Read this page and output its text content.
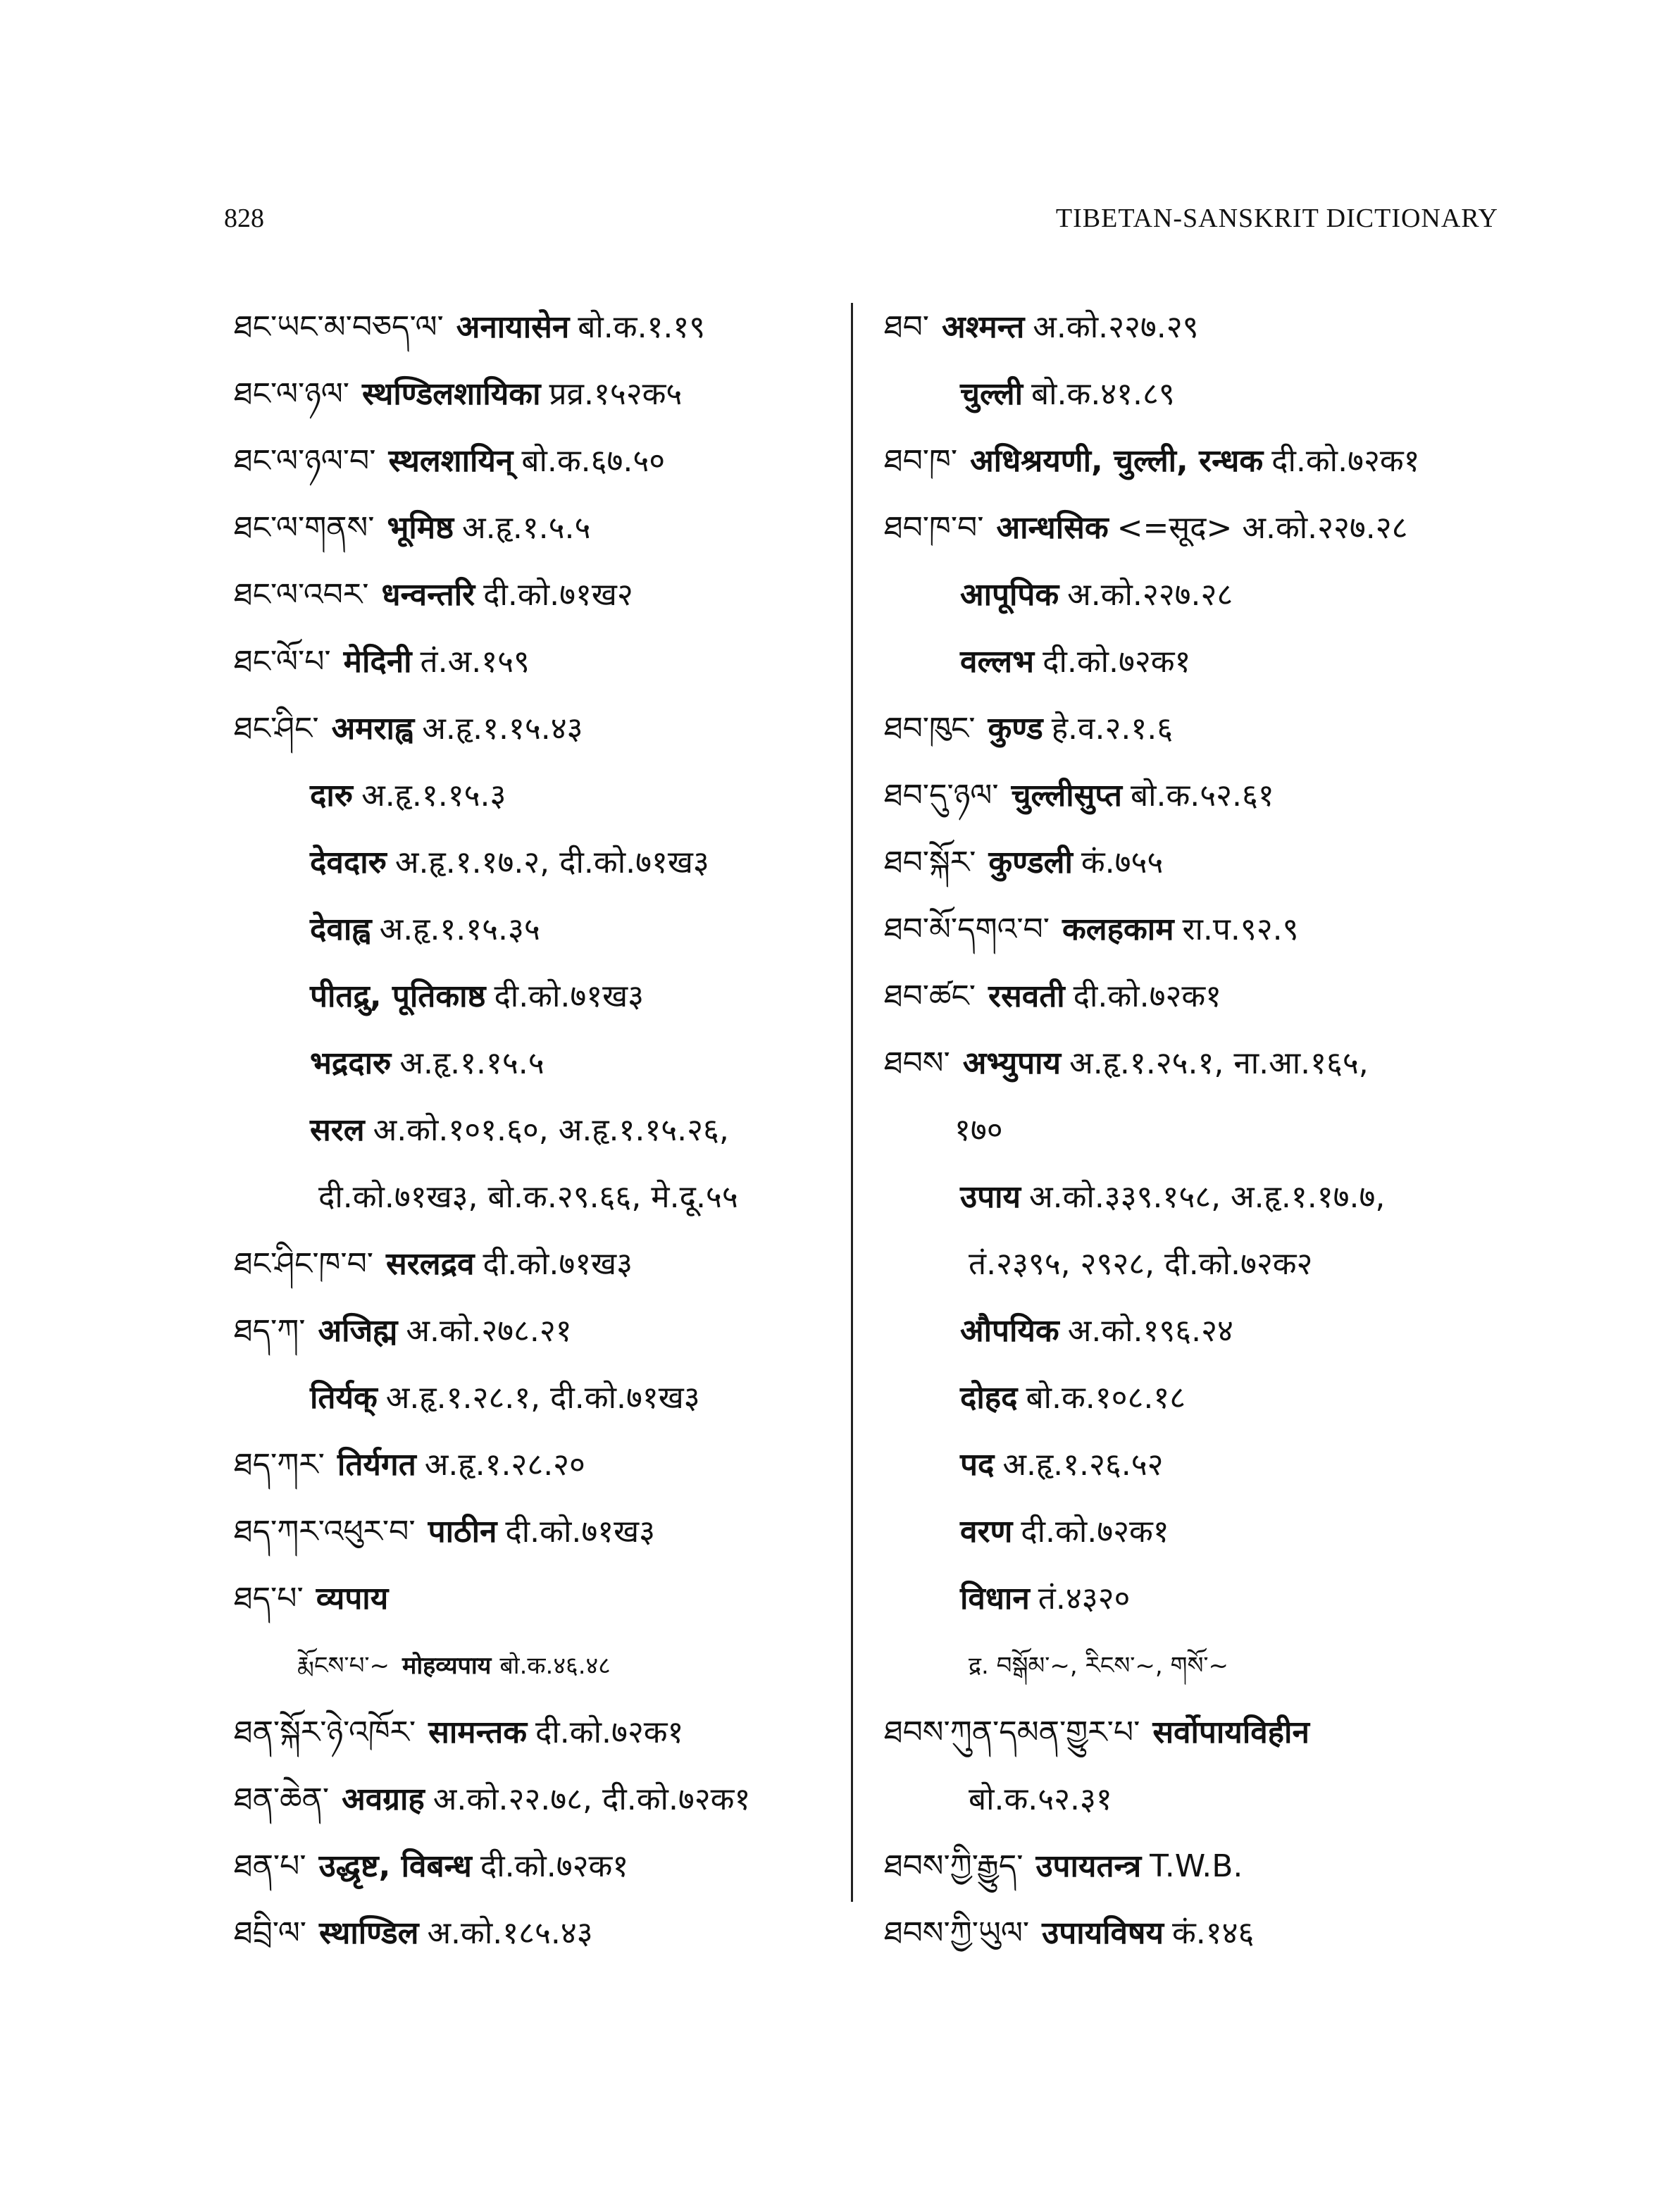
828	TIBETAN-SANSKRIT DICTIONARY
ཐང་ཡང་མ་བཅད་ལ་ अनायासेन बो.क.१.१९
ཐང་ལ་ཉལ་ स्थण्डिलशायिका प्रव्र.१५२क५
ཐང་ལ་ཉལ་བ་ स्थलशायिन् बो.क.६७.५०
ཐང་ལ་གནས་ भूमिष्ठ अ.हृ.१.५.५
ཐང་ལ་འབར་ धन्वन्तरि दी.को.७१ख२
ཐང་ལོ་པ་ मेदिनी तं.अ.१५९
ཐང་ཤིང་ अमराह्व अ.हृ.१.१५.४३
दारु अ.हृ.१.१५.३
देवदारु अ.हृ.१.१७.२, दी.को.७१ख३
देवाह्व अ.हृ.१.१५.३५
पीतद्रु, पूतिकाष्ठ दी.को.७१ख३
भद्रदारु अ.हृ.१.१५.५
सरल अ.को.१०१.६०, अ.हृ.१.१५.२६,
दी.को.७१ख३, बो.क.२९.६६, मे.दू.५५
ཐང་ཤིང་ཁ་བ་ सरलद्रव दी.को.७१ख३
ཐད་ཀ་ अजिह्म अ.को.२७८.२१
तिर्यक् अ.हृ.१.२८.१, दी.को.७१ख३
ཐད་ཀར་ तिर्यगत अ.हृ.१.२८.२०
ཐད་ཀར་འཕུར་བ་ पाठीन दी.को.७१ख३
ཐད་པ་ व्यपाय
རྨོངས་པ་~ मोहव्यपाय बो.क.४६.४८
ཐན་སྐོར་ཉེ་འཁོར་ सामन्तक दी.को.७२क१
ཐན་ཆེན་ अवग्राह अ.को.२२.७८, दी.को.७२क१
ཐན་པ་ उद्धृष्ट, विबन्ध दी.को.७२क१
ཐབྲི་ལ་ स्थाण्डिल अ.को.१८५.४३
ཐབ་ अश्मन्त अ.को.२२७.२९
चुल्ली बो.क.४१.८९
ཐབ་ཁ་ अधिश्रयणी, चुल्ली, रन्धक दी.को.७२क१
ཐབ་ཁ་བ་ आन्धसिक <=सूद> अ.को.२२७.२८
आपूपिक अ.को.२२७.२८
वल्लभ दी.को.७२क१
ཐབ་ཁུང་ कुण्ड हे.व.२.१.६
ཐབ་དུ་ཉལ་ चुल्लीसुप्त बो.क.५२.६१
ཐབ་སྐོར་ कुण्डली कं.७५५
ཐབ་མོ་དགའ་བ་ कलहकाम रा.प.९२.९
ཐབ་ཚང་ रसवती दी.को.७२क१
ཐབས་ अभ्युपाय अ.हृ.१.२५.१, ना.आ.१६५,
१७०
उपाय अ.को.३३९.१५८, अ.हृ.१.१७.७,
तं.२३९५, २९२८, दी.को.७२क२
औपयिक अ.को.१९६.२४
दोहद बो.क.१०८.१८
पद अ.हृ.१.२६.५२
वरण दी.को.७२क१
विधान तं.४३२०
द्र. བསྒོམ་~, རིངས་~, གསོ་~
ཐབས་ཀུན་དམན་གྱུར་པ་ सर्वोपायविहीन
बो.क.५२.३१
ཐབས་ཀྱི་རྒྱུད་ उपायतन्त्र T.W.B.
ཐབས་ཀྱི་ཡུལ་ उपायविषय कं.१४६
